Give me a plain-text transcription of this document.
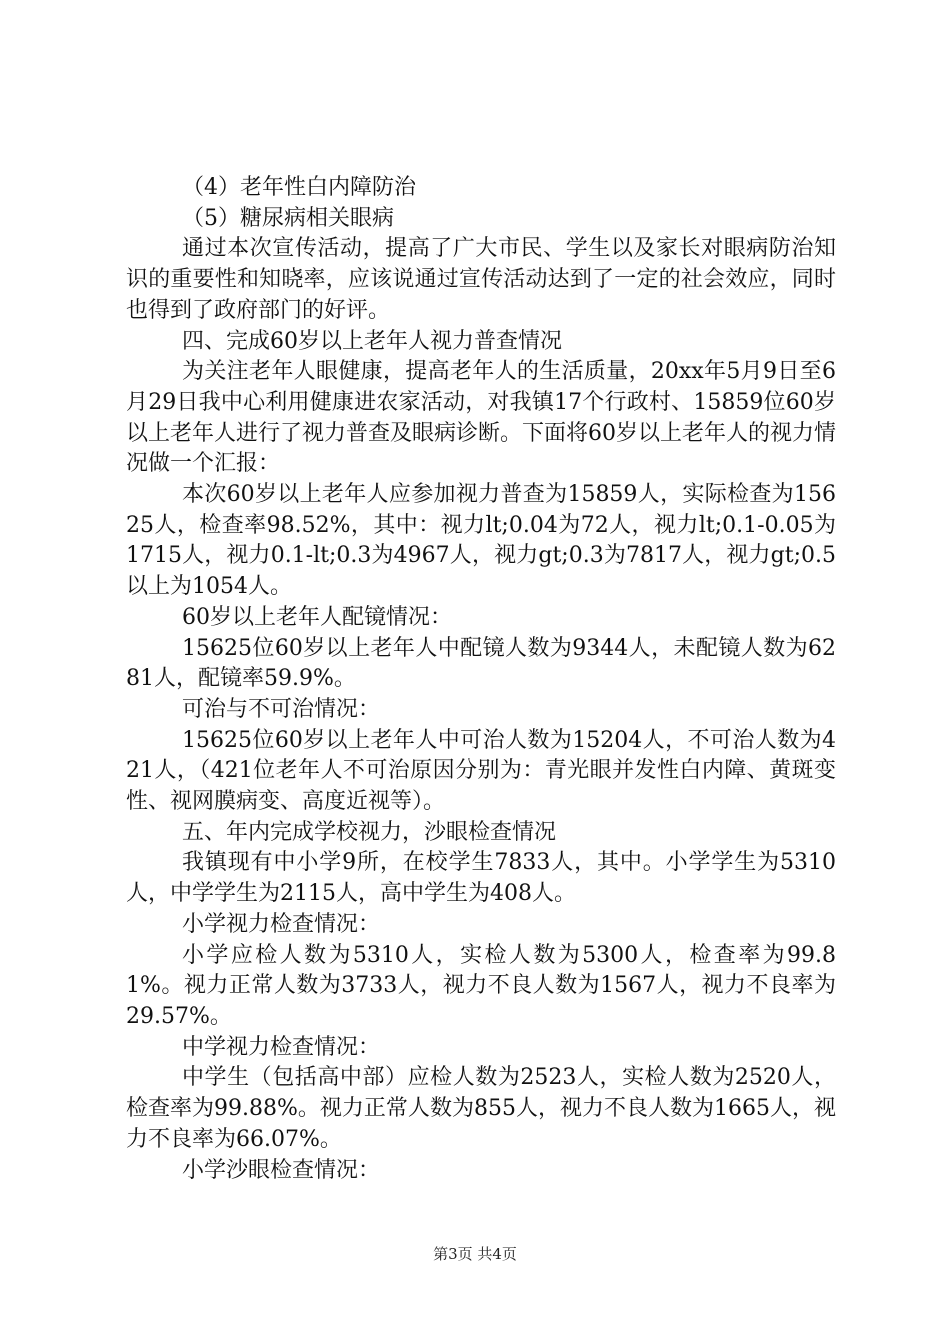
（4）老年性白内障防治

（5）糖尿病相关眼病

通过本次宣传活动，提高了广大市民、学生以及家长对眼病防治知识的重要性和知晓率，应该说通过宣传活动达到了一定的社会效应，同时也得到了政府部门的好评。

四、完成60岁以上老年人视力普查情况

为关注老年人眼健康，提高老年人的生活质量，20xx年5月9日至6月29日我中心利用健康进农家活动，对我镇17个行政村、15859位60岁以上老年人进行了视力普查及眼病诊断。下面将60岁以上老年人的视力情况做一个汇报：

本次60岁以上老年人应参加视力普查为15859人，实际检查为15625人，检查率98.52%，其中：视力lt;0.04为72人，视力lt;0.1-0.05为1715人，视力0.1-lt;0.3为4967人，视力gt;0.3为7817人，视力gt;0.5以上为1054人。

60岁以上老年人配镜情况：

15625位60岁以上老年人中配镜人数为9344人，未配镜人数为6281人，配镜率59.9%。

可治与不可治情况：

15625位60岁以上老年人中可治人数为15204人，不可治人数为421人，（421位老年人不可治原因分别为：青光眼并发性白内障、黄斑变性、视网膜病变、高度近视等）。

五、年内完成学校视力，沙眼检查情况

我镇现有中小学9所，在校学生7833人，其中。小学学生为5310人，中学学生为2115人，高中学生为408人。

小学视力检查情况：

小学应检人数为5310人，实检人数为5300人，检查率为99.81%。视力正常人数为3733人，视力不良人数为1567人，视力不良率为29.57%。

中学视力检查情况：

中学生（包括高中部）应检人数为2523人，实检人数为2520人，检查率为99.88%。视力正常人数为855人，视力不良人数为1665人，视力不良率为66.07%。

小学沙眼检查情况：

第3页 共4页
